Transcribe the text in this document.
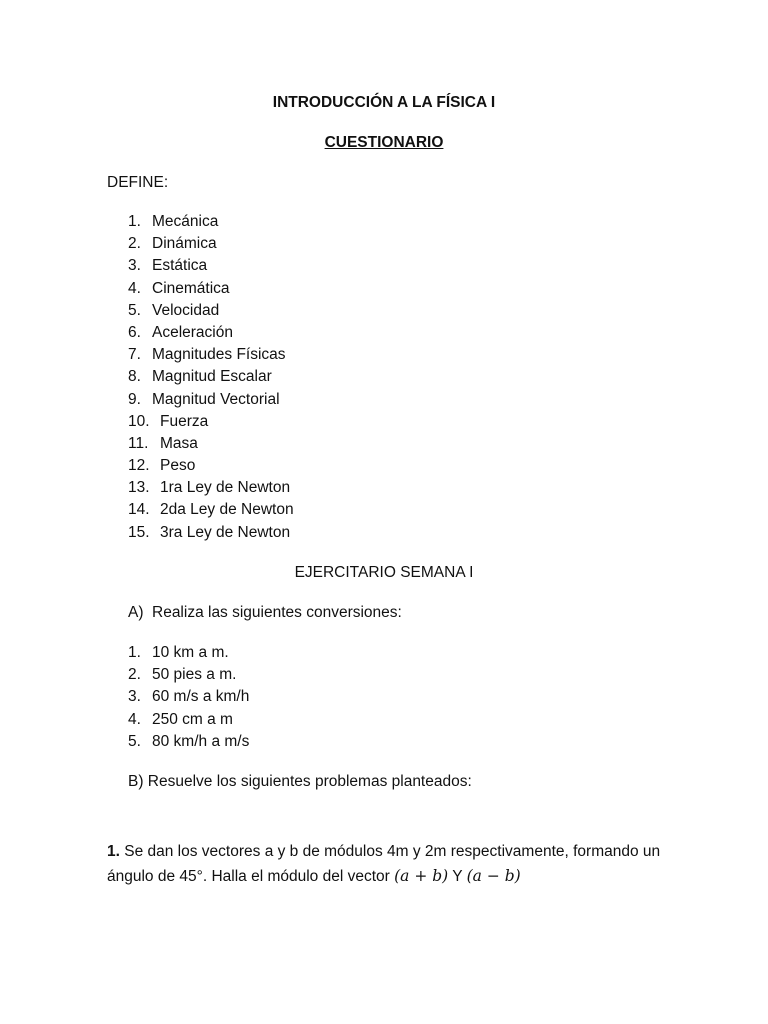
INTRODUCCIÓN A LA FÍSICA I
CUESTIONARIO
DEFINE:
1. Mecánica
2. Dinámica
3. Estática
4. Cinemática
5. Velocidad
6. Aceleración
7. Magnitudes Físicas
8. Magnitud Escalar
9. Magnitud Vectorial
10. Fuerza
11. Masa
12. Peso
13. 1ra Ley de Newton
14. 2da Ley de Newton
15. 3ra Ley de Newton
EJERCITARIO SEMANA I
A) Realiza las siguientes conversiones:
1. 10 km a m.
2. 50 pies a m.
3. 60 m/s a km/h
4. 250 cm a m
5. 80 km/h a m/s
B) Resuelve los siguientes problemas planteados:
1. Se dan los vectores a y b de módulos 4m y 2m respectivamente, formando un ángulo de 45°. Halla el módulo del vector (a + b) Y (a − b)
